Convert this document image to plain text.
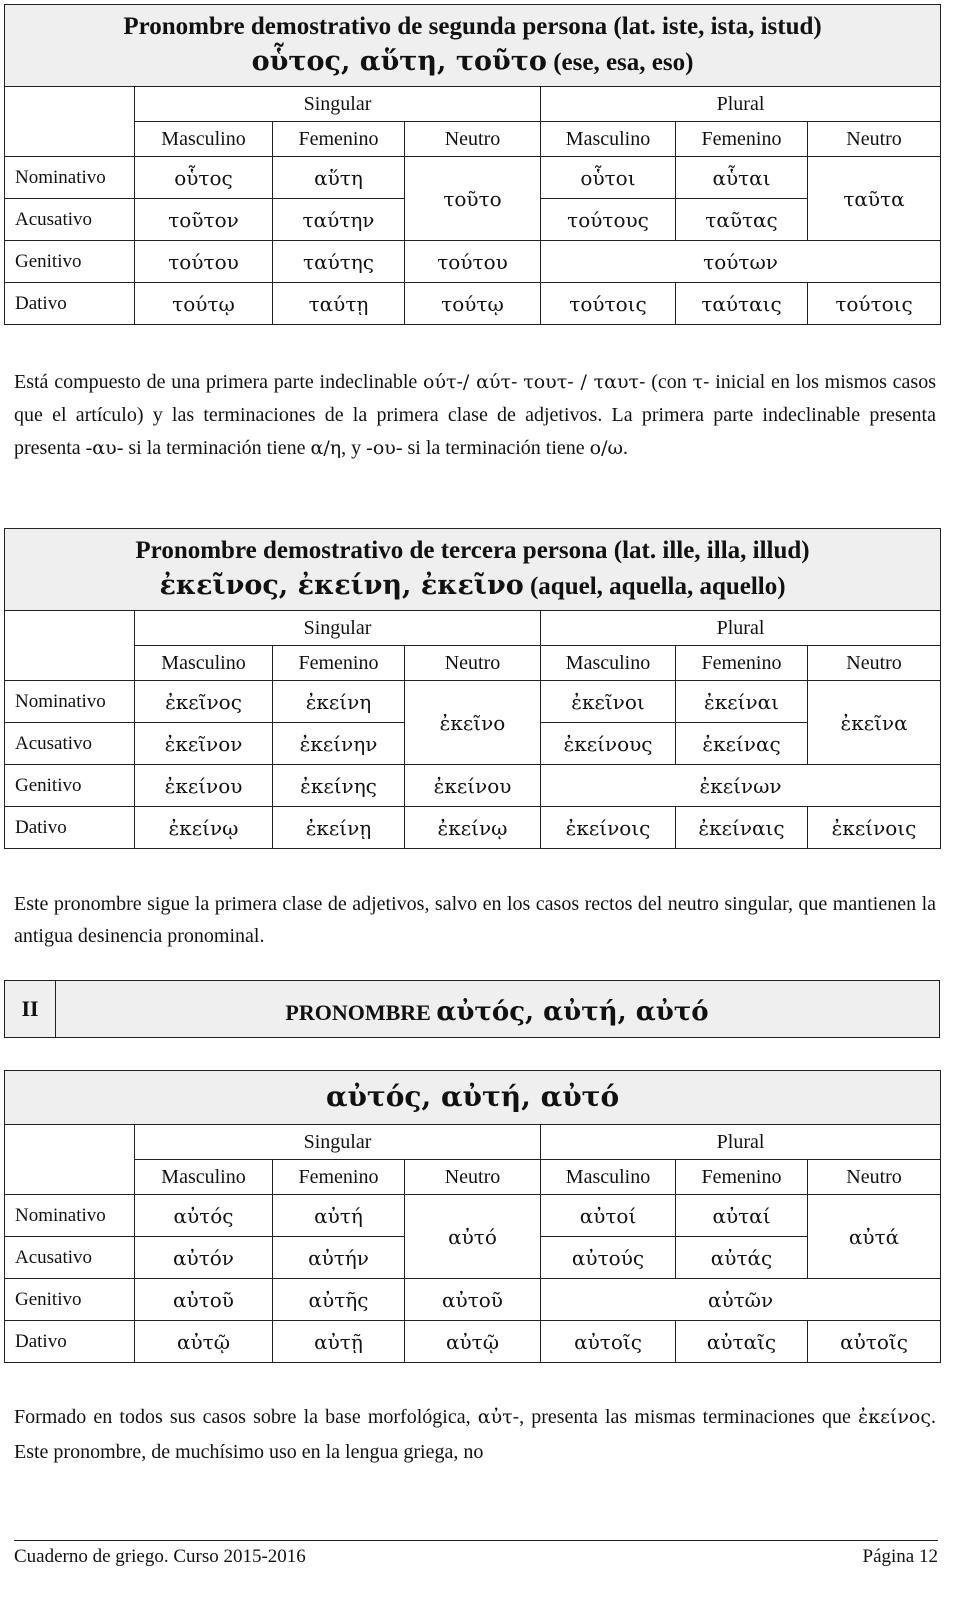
Pronombre demostrativo de segunda persona (lat. iste, ista, istud)
οὗτος, αὕτη, τοῦτο (ese, esa, eso)						

	Singular			Plural		
	Masculino	Femenino	Neutro	Masculino	Femenino	Neutro
Nominativo	οὗτος	αὕτη	τοῦτο	οὗτοι	αὗται	ταῦτα
Acusativo	τοῦτον	ταύτην		τούτους	ταῦτας	
Genitivo	τούτου	ταύτης	τούτου	τούτων		
Dativo	τούτῳ	ταύτῃ	τούτῳ	τούτοις	ταύταις	τούτοις
Está compuesto de una primera parte indeclinable ούτ-/ αύτ- τουτ- / ταυτ- (con τ- inicial en los mismos casos que el artículo) y las terminaciones de la primera clase de adjetivos. La primera parte indeclinable presenta presenta -αυ- si la terminación tiene α/η, y -ου- si la terminación tiene ο/ω.
Pronombre demostrativo de tercera persona (lat. ille, illa, illud)
ἐκεῖνος, ἐκείνη, ἐκεῖνο (aquel, aquella, aquello)						

	Singular			Plural		
	Masculino	Femenino	Neutro	Masculino	Femenino	Neutro
Nominativo	ἐκεῖνος	ἐκείνη	ἐκεῖνο	ἐκεῖνοι	ἐκείναι	ἐκεῖνα
Acusativo	ἐκεῖνον	ἐκείνην		ἐκείνους	ἐκείνας	
Genitivo	ἐκείνου	ἐκείνης	ἐκείνου	ἐκείνων		
Dativo	ἐκείνῳ	ἐκείνῃ	ἐκείνῳ	ἐκείνοις	ἐκείναις	ἐκείνοις
Este pronombre sigue la primera clase de adjetivos, salvo en los casos rectos del neutro singular, que mantienen la antigua desinencia pronominal.
II	PRONOMBRE αὐτός, αὐτή, αὐτό
αὐτός, αὐτή, αὐτό						
	Singular			Plural		
	Masculino	Femenino	Neutro	Masculino	Femenino	Neutro
Nominativo	αὐτός	αὐτή	αὐτό	αὐτοί	αὐταί	αὐτά
Acusativo	αὐτόν	αὐτήν		αὐτούς	αὐτάς	
Genitivo	αὐτοῦ	αὐτῆς	αὐτοῦ	αὐτῶν		
Dativo	αὐτῷ	αὐτῇ	αὐτῷ	αὐτοῖς	αὐταῖς	αὐτοῖς
Formado en todos sus casos sobre la base morfológica, αὐτ-, presenta las mismas terminaciones que ἐκείνος. Este pronombre, de muchísimo uso en la lengua griega, no
Cuaderno de griego. Curso 2015-2016	Página 12
